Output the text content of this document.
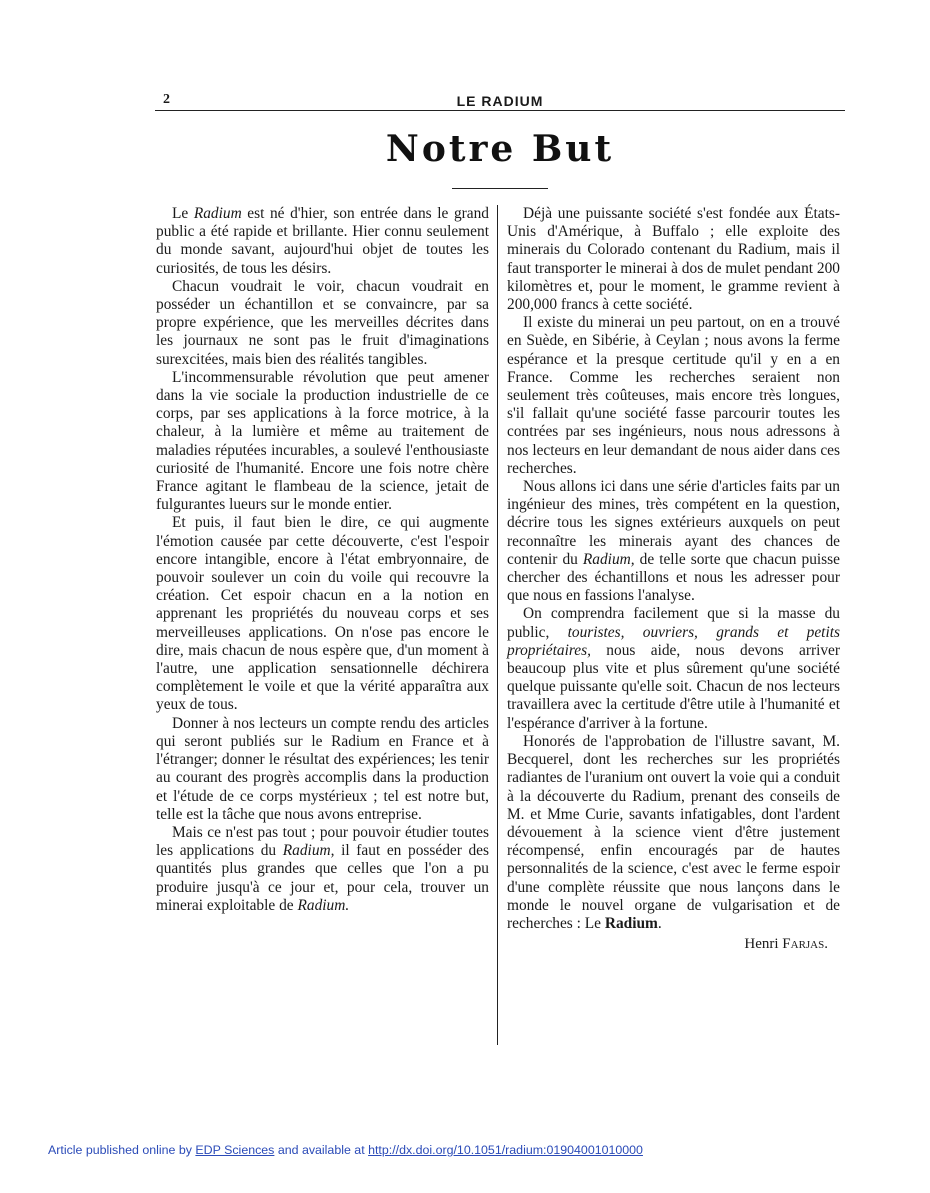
2	LE RADIUM
Notre But

Le Radium est né d'hier, son entrée dans le grand public a été rapide et brillante. Hier connu seulement du monde savant, aujourd'hui objet de toutes les curiosités, de tous les désirs.

Chacun voudrait le voir, chacun voudrait en posséder un échantillon et se convaincre, par sa propre expérience, que les merveilles décrites dans les journaux ne sont pas le fruit d'imaginations surexcitées, mais bien des réalités tangibles.

L'incommensurable révolution que peut amener dans la vie sociale la production industrielle de ce corps, par ses applications à la force motrice, à la chaleur, à la lumière et même au traitement de maladies réputées incurables, a soulevé l'enthousiaste curiosité de l'humanité. Encore une fois notre chère France agitant le flambeau de la science, jetait de fulgurantes lueurs sur le monde entier.

Et puis, il faut bien le dire, ce qui augmente l'émotion causée par cette découverte, c'est l'espoir encore intangible, encore à l'état embryonnaire, de pouvoir soulever un coin du voile qui recouvre la création. Cet espoir chacun en a la notion en apprenant les propriétés du nouveau corps et ses merveilleuses applications. On n'ose pas encore le dire, mais chacun de nous espère que, d'un moment à l'autre, une application sensationnelle déchirera complètement le voile et que la vérité apparaîtra aux yeux de tous.

Donner à nos lecteurs un compte rendu des articles qui seront publiés sur le Radium en France et à l'étranger; donner le résultat des expériences; les tenir au courant des progrès accomplis dans la production et l'étude de ce corps mystérieux ; tel est notre but, telle est la tâche que nous avons entreprise.

Mais ce n'est pas tout ; pour pouvoir étudier toutes les applications du Radium, il faut en posséder des quantités plus grandes que celles que l'on a pu produire jusqu'à ce jour et, pour cela, trouver un minerai exploitable de Radium.

Déjà une puissante société s'est fondée aux États-Unis d'Amérique, à Buffalo ; elle exploite des minerais du Colorado contenant du Radium, mais il faut transporter le minerai à dos de mulet pendant 200 kilomètres et, pour le moment, le gramme revient à 200,000 francs à cette société.

Il existe du minerai un peu partout, on en a trouvé en Suède, en Sibérie, à Ceylan ; nous avons la ferme espérance et la presque certitude qu'il y en a en France. Comme les recherches seraient non seulement très coûteuses, mais encore très longues, s'il fallait qu'une société fasse parcourir toutes les contrées par ses ingénieurs, nous nous adressons à nos lecteurs en leur demandant de nous aider dans ces recherches.

Nous allons ici dans une série d'articles faits par un ingénieur des mines, très compétent en la question, décrire tous les signes extérieurs auxquels on peut reconnaître les minerais ayant des chances de contenir du Radium, de telle sorte que chacun puisse chercher des échantillons et nous les adresser pour que nous en fassions l'analyse.

On comprendra facilement que si la masse du public, touristes, ouvriers, grands et petits propriétaires, nous aide, nous devons arriver beaucoup plus vite et plus sûrement qu'une société quelque puissante qu'elle soit. Chacun de nos lecteurs travaillera avec la certitude d'être utile à l'humanité et l'espérance d'arriver à la fortune.

Honorés de l'approbation de l'illustre savant, M. Becquerel, dont les recherches sur les propriétés radiantes de l'uranium ont ouvert la voie qui a conduit à la découverte du Radium, prenant des conseils de M. et Mme Curie, savants infatigables, dont l'ardent dévouement à la science vient d'être justement récompensé, enfin encouragés par de hautes personnalités de la science, c'est avec le ferme espoir d'une complète réussite que nous lançons dans le monde le nouvel organe de vulgarisation et de recherches : Le Radium.

Henri Farjas.
Article published online by EDP Sciences and available at http://dx.doi.org/10.1051/radium:01904001010000
